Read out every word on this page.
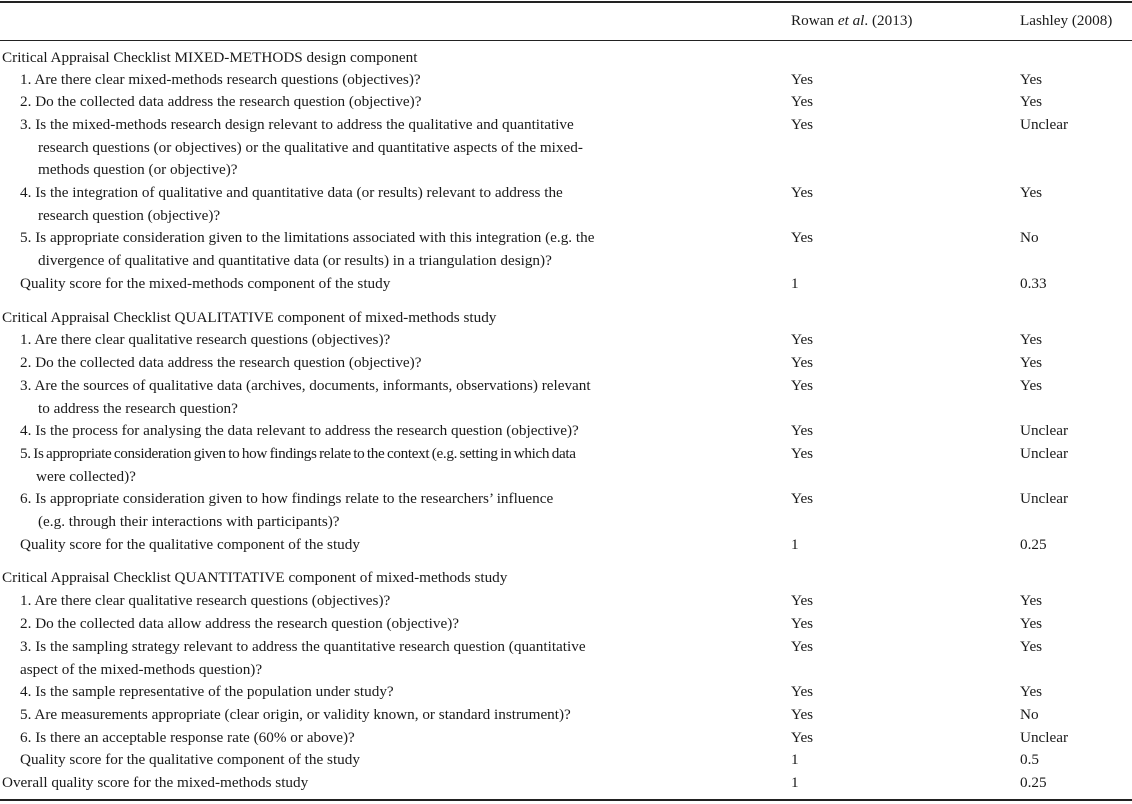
Rowan et al. (2013)	Lashley (2008)
Critical Appraisal Checklist MIXED-METHODS design component
1. Are there clear mixed-methods research questions (objectives)?	Yes	Yes
2. Do the collected data address the research question (objective)?	Yes	Yes
3. Is the mixed-methods research design relevant to address the qualitative and quantitative
research questions (or objectives) or the qualitative and quantitative aspects of the mixed-
methods question (or objective)?
Yes	Unclear
4. Is the integration of qualitative and quantitative data (or results) relevant to address the
research question (objective)?
Yes	Yes
5. Is appropriate consideration given to the limitations associated with this integration (e.g. the
divergence of qualitative and quantitative data (or results) in a triangulation design)?
Yes	No
Quality score for the mixed-methods component of the study	1	0.33
Critical Appraisal Checklist QUALITATIVE component of mixed-methods study
1. Are there clear qualitative research questions (objectives)?	Yes	Yes
2. Do the collected data address the research question (objective)?	Yes	Yes
3. Are the sources of qualitative data (archives, documents, informants, observations) relevant
to address the research question?
Yes	Yes
4. Is the process for analysing the data relevant to address the research question (objective)?	Yes	Unclear
5. Is appropriate consideration given to how findings relate to the context (e.g. setting in which data
were collected)?
Yes	Unclear
6. Is appropriate consideration given to how findings relate to the researchers’ influence
(e.g. through their interactions with participants)?
Yes	Unclear
Quality score for the qualitative component of the study	1	0.25
Critical Appraisal Checklist QUANTITATIVE component of mixed-methods study
1. Are there clear qualitative research questions (objectives)?	Yes	Yes
2. Do the collected data allow address the research question (objective)?	Yes	Yes
3. Is the sampling strategy relevant to address the quantitative research question (quantitative
aspect of the mixed-methods question)?
Yes	Yes
4. Is the sample representative of the population under study?	Yes	Yes
5. Are measurements appropriate (clear origin, or validity known, or standard instrument)?	Yes	No
6. Is there an acceptable response rate (60% or above)?	Yes	Unclear
Quality score for the qualitative component of the study	1	0.5
Overall quality score for the mixed-methods study	1	0.25
